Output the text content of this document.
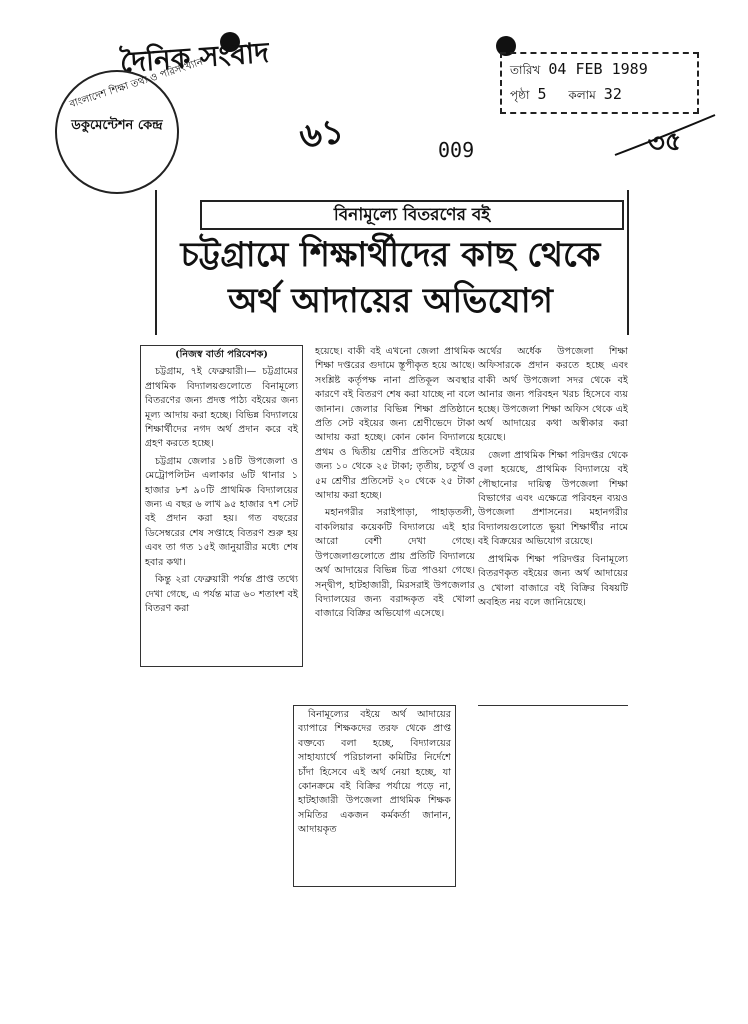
দৈনিক সংবাদ
বাংলাদেশ শিক্ষা তথ্য ও পরিসংখ্যান
ডকুমেন্টেশন কেন্দ্র
তারিখ 04 FEB 1989
পৃষ্ঠা 5 কলাম 32
৬১	৩৫
009
বিনামূল্যে বিতরণের বই
চট্টগ্রামে শিক্ষার্থীদের কাছ থেকে
অর্থ আদায়ের অভিযোগ

(নিজস্ব বার্তা পরিবেশক)

চট্টগ্রাম, ৭ই ফেব্রুয়ারী।— চট্টগ্রামের প্রাথমিক বিদ্যালয়গুলোতে বিনামূল্যে বিতরণের জন্য প্রদত্ত পাঠ্য বইয়ের জন্য মূল্য আদায় করা হচ্ছে। বিভিন্ন বিদ্যালয়ে শিক্ষার্থীদের নগদ অর্থ প্রদান করে বই গ্রহণ করতে হচ্ছে।

চট্টগ্রাম জেলার ১৪টি উপজেলা ও মেট্রোপলিটন এলাকার ৬টি থানার ১ হাজার ৮শ ৯০টি প্রাথমিক বিদ্যালয়ের জন্য এ বছর ৬ লাখ ৯৫ হাজার ৭শ সেট বই প্রদান করা হয়। গত বছরের ডিসেম্বরের শেষ সপ্তাহে বিতরণ শুরু হয় এবং তা গত ১৫ই জানুয়ারীর মধ্যে শেষ হবার কথা।

কিন্তু ২রা ফেব্রুয়ারী পর্যন্ত প্রাপ্ত তথ্যে দেখা গেছে, এ পর্যন্ত মাত্র ৬০ শতাংশ বই বিতরণ করা

হয়েছে। বাকী বই এখনো জেলা প্রাথমিক শিক্ষা দপ্তরের গুদামে স্তূপীকৃত হয়ে আছে। সংশ্লিষ্ট কর্তৃপক্ষ নানা প্রতিকূল অবস্থার কারণে বই বিতরণ শেষ করা যাচ্ছে না বলে জানান। জেলার বিভিন্ন শিক্ষা প্রতিষ্ঠানে প্রতি সেট বইয়ের জন্য শ্রেণীভেদে টাকা আদায় করা হচ্ছে। কোন কোন বিদ্যালয়ে প্রথম ও দ্বিতীয় শ্রেণীর প্রতিসেট বইয়ের জন্য ১০ থেকে ২৫ টাকা; তৃতীয়, চতুর্থ ও ৫ম শ্রেণীর প্রতিসেট ২০ থেকে ২৫ টাকা আদায় করা হচ্ছে।

মহানগরীর সরাইপাড়া, পাহাড়তলী, বাকলিয়ার কয়েকটি বিদ্যালয়ে এই হার আরো বেশী দেখা গেছে। উপজেলাগুলোতে প্রায় প্রতিটি বিদ্যালয়ে অর্থ আদায়ের বিভিন্ন চিত্র পাওয়া গেছে। সন্দ্বীপ, হাটহাজারী, মিরসরাই উপজেলার বিদ্যালয়ের জন্য বরাদ্দকৃত বই খোলা বাজারে বিক্রির অভিযোগ এসেছে।

বিনামূল্যের বইয়ে অর্থ আদায়ের ব্যাপারে শিক্ষকদের তরফ থেকে প্রাপ্ত বক্তব্যে বলা হচ্ছে, বিদ্যালয়ের সাহায্যার্থে পরিচালনা কমিটির নির্দেশে চাঁদা হিসেবে এই অর্থ নেয়া হচ্ছে, যা কোনক্রমে বই বিক্রির পর্যায়ে পড়ে না, হাটহাজারী উপজেলা প্রাথমিক শিক্ষক সমিতির একজন কর্মকর্তা জানান, আদায়কৃত

অর্থের অর্ধেক উপজেলা শিক্ষা অফিসারকে প্রদান করতে হচ্ছে এবং বাকী অর্থ উপজেলা সদর থেকে বই আনার জন্য পরিবহন খরচ হিসেবে ব্যয় হচ্ছে। উপজেলা শিক্ষা অফিস থেকে এই অর্থ আদায়ের কথা অস্বীকার করা হয়েছে।

জেলা প্রাথমিক শিক্ষা পরিদপ্তর থেকে বলা হয়েছে, প্রাথমিক বিদ্যালয়ে বই পৌছানোর দায়িত্ব উপজেলা শিক্ষা বিভাগের এবং এক্ষেত্রে পরিবহন ব্যয়ও উপজেলা প্রশাসনের। মহানগরীর বিদ্যালয়গুলোতে ভুয়া শিক্ষার্থীর নামে বই বিক্রয়ের অভিযোগ রয়েছে।

প্রাথমিক শিক্ষা পরিদপ্তর বিনামূল্যে বিতরণকৃত বইয়ের জন্য অর্থ আদায়ের ও খোলা বাজারে বই বিক্রির বিষয়টি অবহিত নয় বলে জানিয়েছে।
